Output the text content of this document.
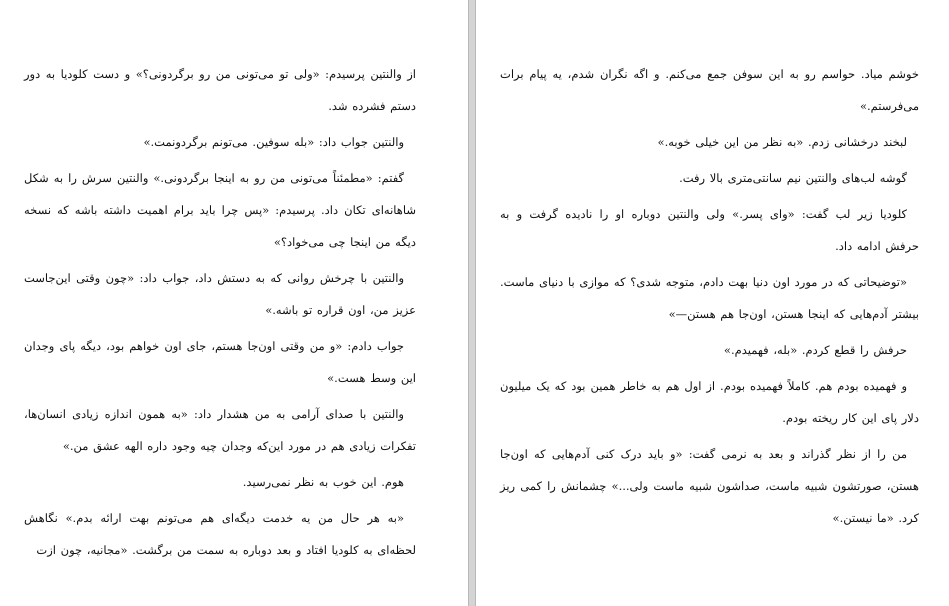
از والنتین پرسیدم: «ولی تو می‌تونی من رو برگردونی؟» و دست کلودیا به دور دستم فشرده شد.

والنتین جواب داد: «بله سوفین. می‌تونم برگردونمت.»

گفتم: «مطمئناً می‌تونی من رو به اینجا برگردونی.» والنتین سرش را به شکل شاهانه‌ای تکان داد. پرسیدم: «پس چرا باید برام اهمیت داشته باشه که نسخه دیگه من اینجا چی می‌خواد؟»

والنتین با چرخش روانی که به دستش داد، جواب داد: «چون وقتی این‌جاست عزیز من، اون قراره تو باشه.»

جواب دادم: «و من وقتی اون‌جا هستم، جای اون خواهم بود، دیگه پای وجدان این وسط هست.»

والنتین با صدای آرامی به من هشدار داد: «به همون اندازه زیادی انسان‌ها، تفکرات زیادی هم در مورد این‌که وجدان چیه وجود داره الهه عشق من.»

هوم. این خوب به نظر نمی‌رسید.

«به هر حال من یه خدمت دیگه‌ای هم می‌تونم بهت ارائه بدم.» نگاهش لحظه‌ای به کلودیا افتاد و بعد دوباره به سمت من برگشت. «مجانیه، چون ازت

خوشم میاد. حواسم رو به این سوفن جمع می‌کنم. و اگه نگران شدم، یه پیام برات می‌فرستم.»

لبخند درخشانی زدم. «به نظر من این خیلی خوبه.»

گوشه لب‌های والنتین نیم سانتی‌متری بالا رفت.

کلودیا زیر لب گفت: «وای پسر.» ولی والنتین دوباره او را نادیده گرفت و به حرفش ادامه داد.

«توضیحاتی که در مورد اون دنیا بهت دادم، متوجه شدی؟ که موازی با دنیای ماست. بیشتر آدم‌هایی که اینجا هستن، اون‌جا هم هستن—»

حرفش را قطع کردم. «بله، فهمیدم.»

و فهمیده بودم هم. کاملاً فهمیده بودم. از اول هم به خاطر همین بود که یک میلیون دلار پای این کار ریخته بودم.

من را از نظر گذراند و بعد به نرمی گفت: «و باید درک کنی آدم‌هایی که اون‌جا هستن، صورتشون شبیه ماست، صداشون شبیه ماست ولی...» چشمانش را کمی ریز کرد. «ما نیستن.»
